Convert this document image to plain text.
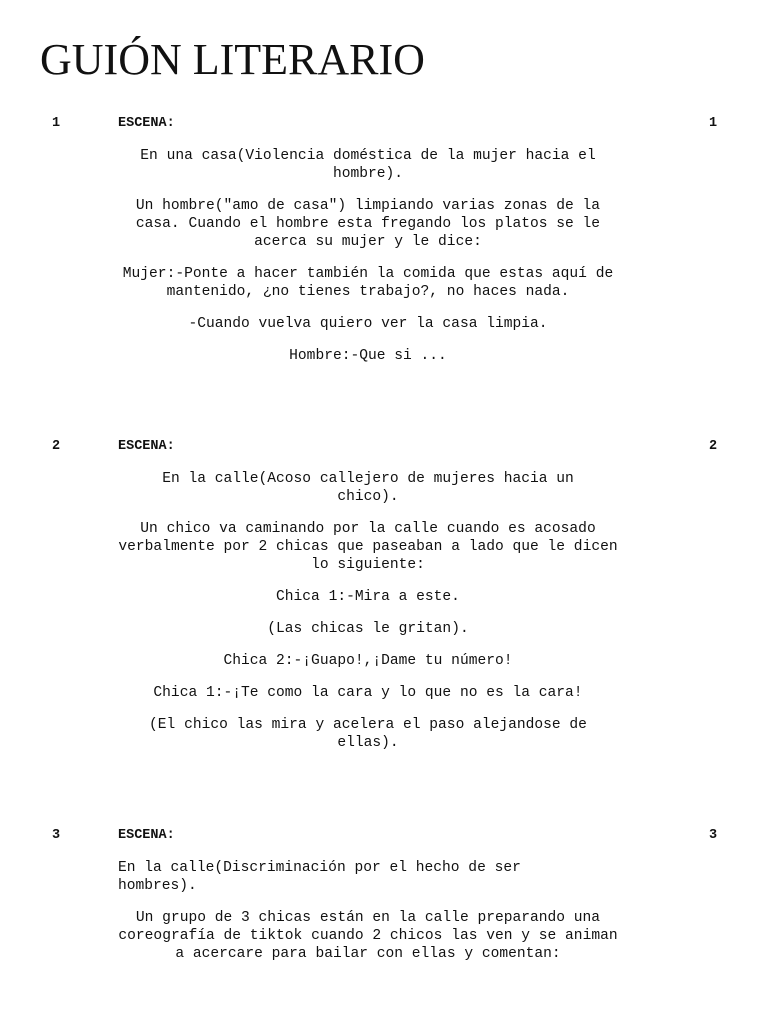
GUIÓN LITERARIO
1	ESCENA:	1

En una casa(Violencia doméstica de la mujer hacia el hombre).

Un hombre("amo de casa") limpiando varias zonas de la casa. Cuando el hombre esta fregando los platos se le acerca su mujer y le dice:

Mujer:-Ponte a hacer también la comida que estas aquí de mantenido, ¿no tienes trabajo?, no haces nada.

-Cuando vuelva quiero ver la casa limpia.

Hombre:-Que si ...

2	ESCENA:	2

En la calle(Acoso callejero de mujeres hacia un chico).

Un chico va caminando por la calle cuando es acosado verbalmente por 2 chicas que paseaban a lado que le dicen lo siguiente:

Chica 1:-Mira a este.

(Las chicas le gritan).

Chica 2:-¡Guapo!,¡Dame tu número!

Chica 1:-¡Te como la cara y lo que no es la cara!

(El chico las mira y acelera el paso alejandose de ellas).

3	ESCENA:	3

En la calle(Discriminación por el hecho de ser hombres).

Un grupo de 3 chicas están en la calle preparando una coreografía de tiktok cuando 2 chicos las ven y se animan a acercare para bailar con ellas y comentan:
